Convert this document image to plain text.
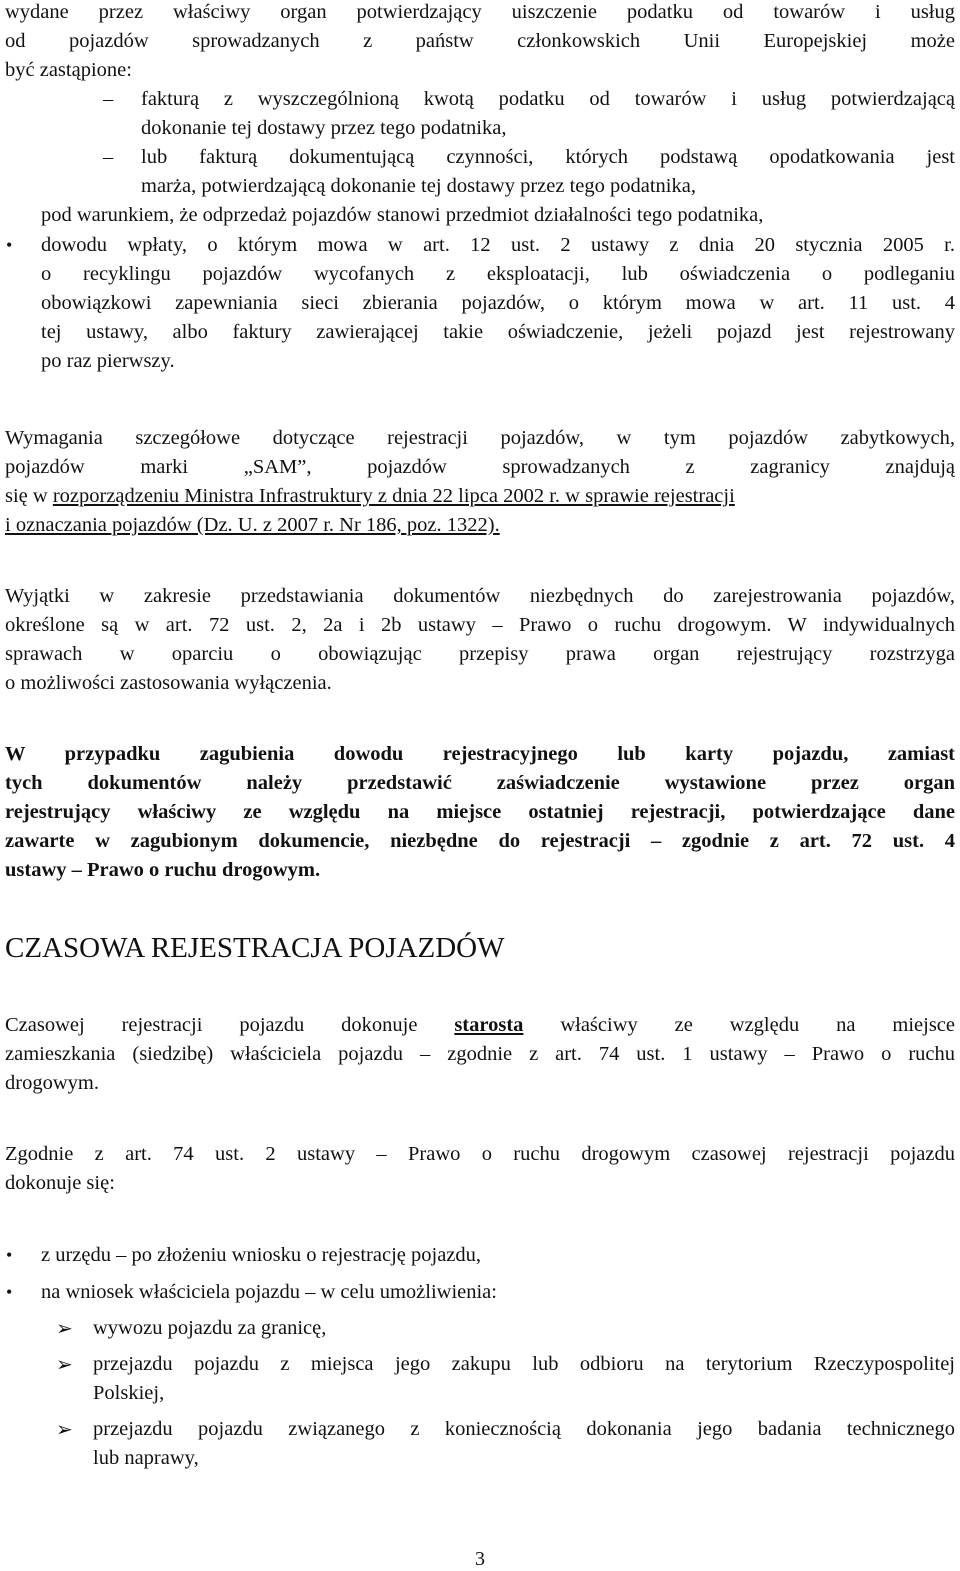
wydane przez właściwy organ potwierdzający uiszczenie podatku od towarów i usług
od pojazdów sprowadzanych z państw członkowskich Unii Europejskiej może
być zastąpione:
– fakturą z wyszczególnioną kwotą podatku od towarów i usług potwierdzającą
dokonanie tej dostawy przez tego podatnika,
– lub fakturą dokumentującą czynności, których podstawą opodatkowania jest
marża, potwierdzającą dokonanie tej dostawy przez tego podatnika,
pod warunkiem, że odprzedaż pojazdów stanowi przedmiot działalności tego podatnika,
• dowodu wpłaty, o którym mowa w art. 12 ust. 2 ustawy z dnia 20 stycznia 2005 r.
o recyklingu pojazdów wycofanych z eksploatacji, lub oświadczenia o podleganiu
obowiązkowi zapewniania sieci zbierania pojazdów, o którym mowa w art. 11 ust. 4
tej ustawy, albo faktury zawierającej takie oświadczenie, jeżeli pojazd jest rejestrowany
po raz pierwszy.
Wymagania szczegółowe dotyczące rejestracji pojazdów, w tym pojazdów zabytkowych,
pojazdów marki „SAM”, pojazdów sprowadzanych z zagranicy znajdują
się w rozporządzeniu Ministra Infrastruktury z dnia 22 lipca 2002 r. w sprawie rejestracji
i oznaczania pojazdów (Dz. U. z 2007 r. Nr 186, poz. 1322).
Wyjątki w zakresie przedstawiania dokumentów niezbędnych do zarejestrowania pojazdów,
określone są w art. 72 ust. 2, 2a i 2b ustawy – Prawo o ruchu drogowym. W indywidualnych
sprawach w oparciu o obowiązując przepisy prawa organ rejestrujący rozstrzyga
o możliwości zastosowania wyłączenia.
W przypadku zagubienia dowodu rejestracyjnego lub karty pojazdu, zamiast
tych dokumentów należy przedstawić zaświadczenie wystawione przez organ
rejestrujący właściwy ze względu na miejsce ostatniej rejestracji, potwierdzające dane
zawarte w zagubionym dokumencie, niezbędne do rejestracji – zgodnie z art. 72 ust. 4
ustawy – Prawo o ruchu drogowym.
CZASOWA REJESTRACJA POJAZDÓW
Czasowej rejestracji pojazdu dokonuje starosta właściwy ze względu na miejsce
zamieszkania (siedzibę) właściciela pojazdu – zgodnie z art. 74 ust. 1 ustawy – Prawo o ruchu
drogowym.
Zgodnie z art. 74 ust. 2 ustawy – Prawo o ruchu drogowym czasowej rejestracji pojazdu
dokonuje się:
• z urzędu – po złożeniu wniosku o rejestrację pojazdu,
• na wniosek właściciela pojazdu – w celu umożliwienia:
➢ wywozu pojazdu za granicę,
➢ przejazdu pojazdu z miejsca jego zakupu lub odbioru na terytorium Rzeczypospolitej
Polskiej,
➢ przejazdu pojazdu związanego z koniecznością dokonania jego badania technicznego
lub naprawy,
3
